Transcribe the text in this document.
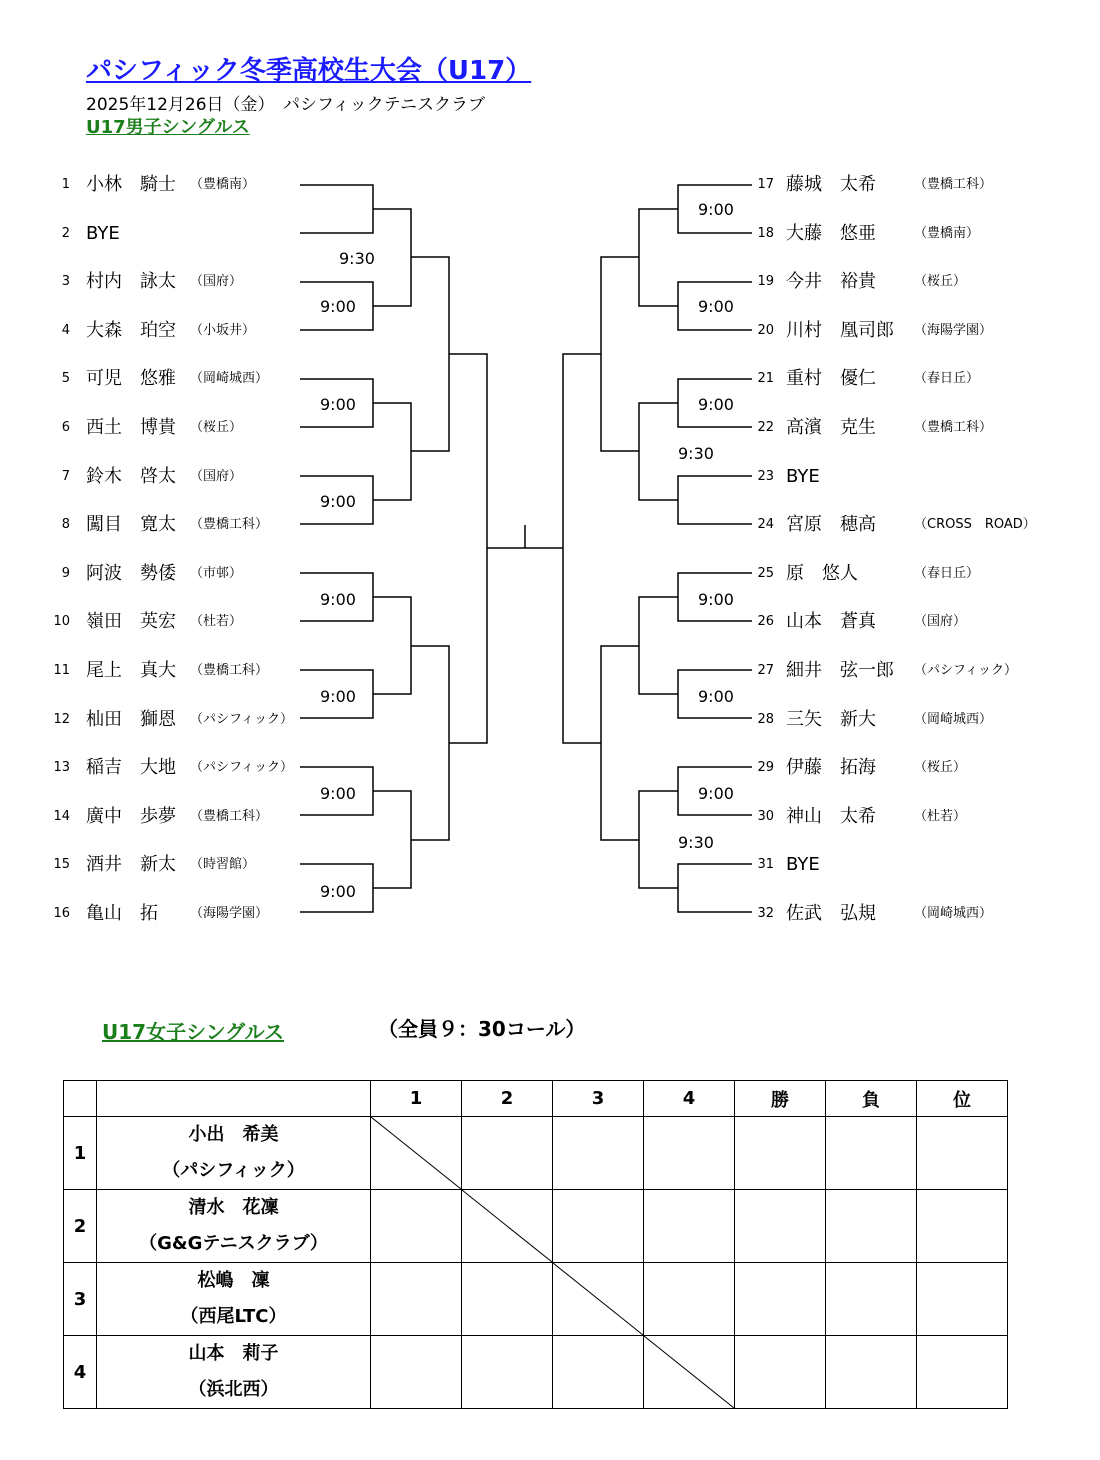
パシフィック冬季高校生大会（U17）
2025年12月26日（金）　パシフィックテニスクラブ
U17男子シングルス
1 小林　騎士 （豊橋南）
2 BYE
3 村内　詠太 （国府）
4 大森　珀空 （小坂井）
5 可児　悠雅 （岡崎城西）
6 西土　博貴 （桜丘）
7 鈴木　啓太 （国府）
8 闖目　寛太 （豊橋工科）
9 阿波　勢倭 （市邨）
10 嶺田　英宏 （杜若）
11 尾上　真大 （豊橋工科）
12 杣田　獅恩 （パシフィック）
13 稲吉　大地 （パシフィック）
14 廣中　歩夢 （豊橋工科）
15 酒井　新太 （時習館）
16 亀山　拓 （海陽学園）
17 藤城　太希	（豊橋工科）
18 大藤　悠亜	（豊橋南）
19 今井　裕貴	（桜丘）
20 川村　凰司郎 （海陽学園）
21 重村　優仁	（春日丘）
22 高濱　克生	（豊橋工科）
23 BYE
24 宮原　穂高	（CROSS　ROAD）
25 原　悠人	（春日丘）
26 山本　蒼真	（国府）
27 細井　弦一郎 （パシフィック）
28 三矢　新大	（岡崎城西）
29 伊藤　拓海	（桜丘）
30 神山　太希	（杜若）
31 BYE
32 佐武　弘規	（岡崎城西）
9:00
9:00
9:00
9:00
9:00
9:00
9:00
9:30
9:00
9:00
9:00
9:00
9:00
9:00
9:30
9:30
U17女子シングルス	（全員９：30コール）
		1	2	3	4	勝	負	位
1	小出　希美
（パシフィック）

2	清水　花凜
（G&Gテニスクラブ）

3	松嶋　凜
（西尾LTC）

4	山本　莉子
（浜北西）
